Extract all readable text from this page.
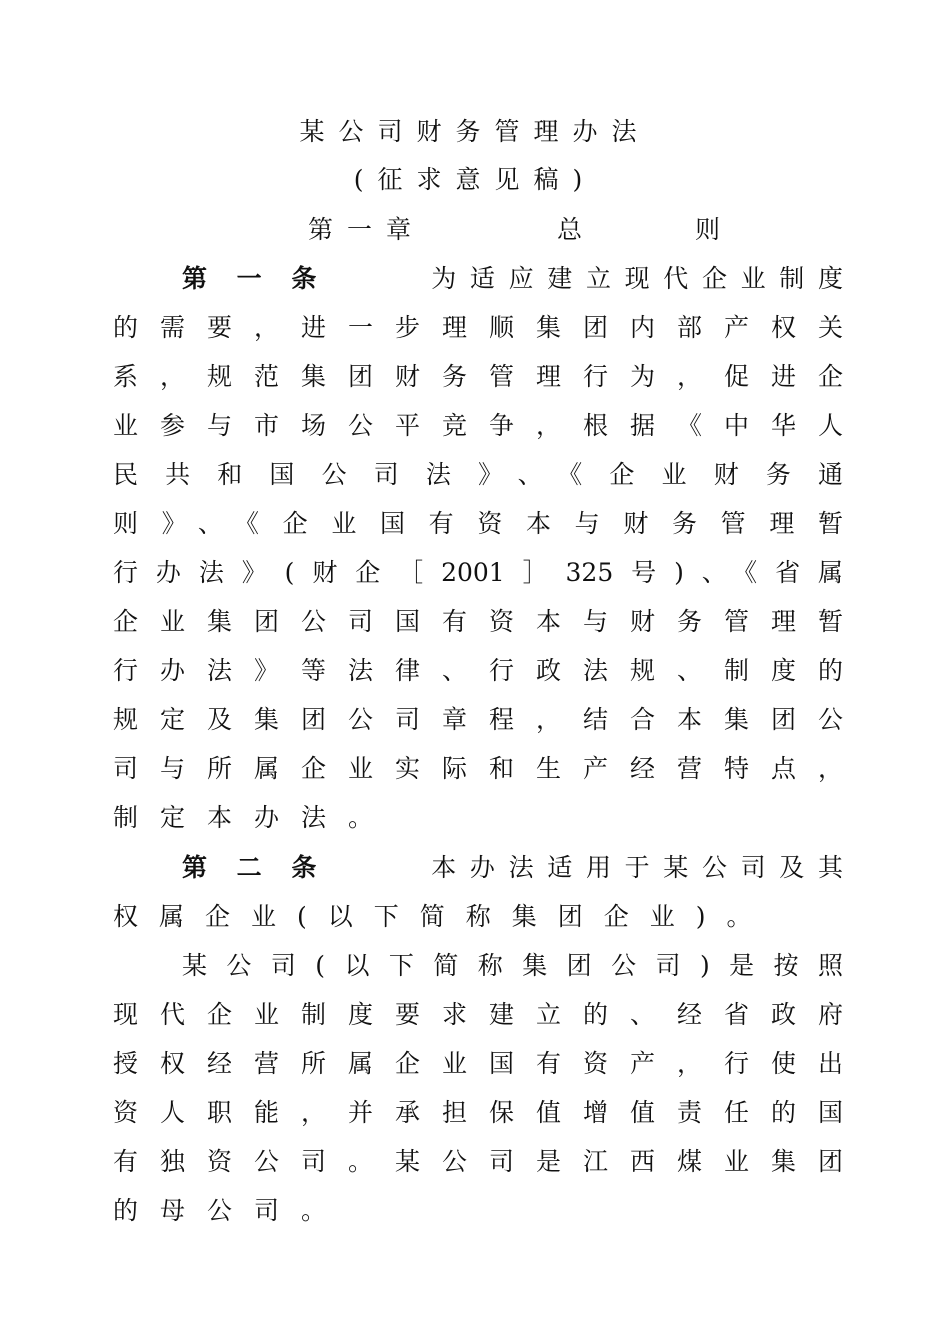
某公司财务管理办法
(征求意见稿)
第一章	总	则
第一条	为适应建立现代企业制度
的需要，进一步理顺集团内部产权关
系，规范集团财务管理行为，促进企
业参与市场公平竞争，根据《中华人
民共和国公司法》、《企业财务通
则》、《企业国有资本与财务管理暂
行办法》(财企［2001］325号)、《省属
企业集团公司国有资本与财务管理暂
行办法》等法律、行政法规、制度的
规定及集团公司章程，结合本集团公
司与所属企业实际和生产经营特点，
制定本办法。
第二条	本办法适用于某公司及其
权属企业(以下简称集团企业)。
某公司(以下简称集团公司)是按照
现代企业制度要求建立的、经省政府
授权经营所属企业国有资产，行使出
资人职能，并承担保值增值责任的国
有独资公司。某公司是江西煤业集团
的母公司。
